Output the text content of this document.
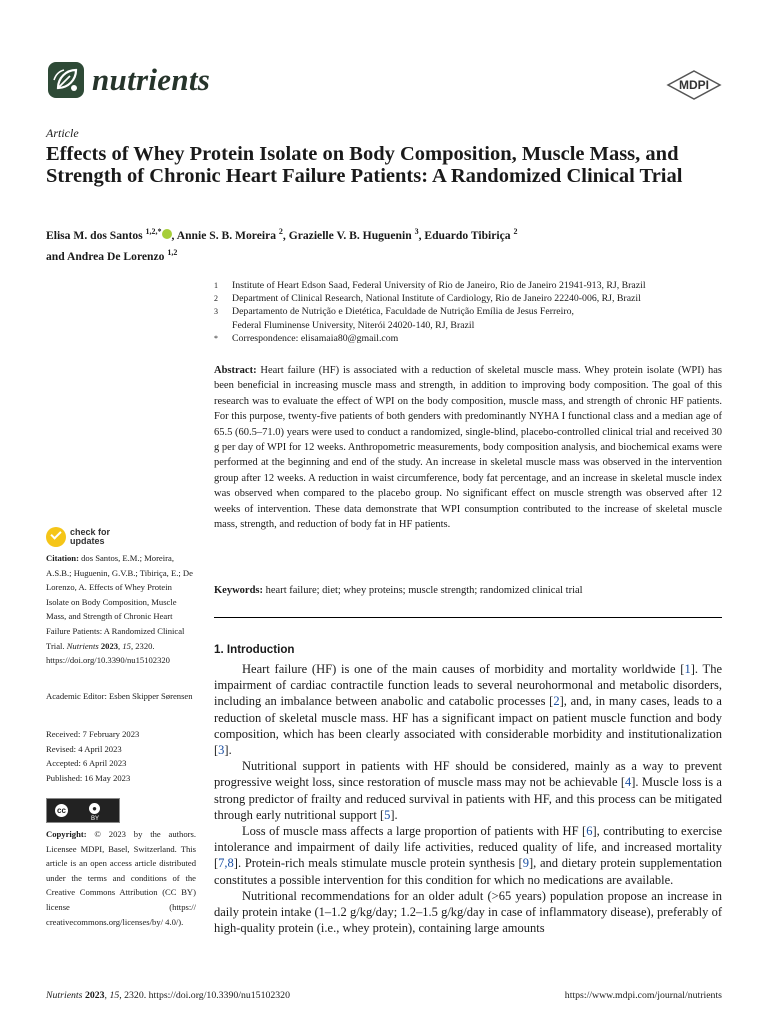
nutrients	MDPI
Article
Effects of Whey Protein Isolate on Body Composition, Muscle Mass, and Strength of Chronic Heart Failure Patients: A Randomized Clinical Trial
Elisa M. dos Santos $^{1,2,*}$ , Annie S. B. Moreira $^2$, Grazielle V. B. Huguenin $^3$, Eduardo Tibiriça $^2$
and Andrea De Lorenzo $^{1,2}$
1	Institute of Heart Edson Saad, Federal University of Rio de Janeiro, Rio de Janeiro 21941-913, RJ, Brazil
2	Department of Clinical Research, National Institute of Cardiology, Rio de Janeiro 22240-006, RJ, Brazil
3	Departamento de Nutrição e Dietética, Faculdade de Nutrição Emília de Jesus Ferreiro,
Federal Fluminense University, Niterói 24020-140, RJ, Brazil
*	Correspondence: elisamaia80@gmail.com
Abstract: Heart failure (HF) is associated with a reduction of skeletal muscle mass. Whey protein isolate (WPI) has been beneficial in increasing muscle mass and strength, in addition to improving body composition. The goal of this research was to evaluate the effect of WPI on the body composition, muscle mass, and strength of chronic HF patients. For this purpose, twenty-five patients of both genders with predominantly NYHA I functional class and a median age of 65.5 (60.5–71.0) years were used to conduct a randomized, single-blind, placebo-controlled clinical trial and received 30 g per day of WPI for 12 weeks. Anthropometric measurements, body composition analysis, and biochemical exams were performed at the beginning and end of the study. An increase in skeletal muscle mass was observed in the intervention group after 12 weeks. A reduction in waist circumference, body fat percentage, and an increase in skeletal muscle index was observed when compared to the placebo group. No significant effect on muscle strength was observed after 12 weeks of intervention. These data demonstrate that WPI consumption contributed to the increase of skeletal muscle mass, strength, and reduction of body fat in HF patients.
Keywords: heart failure; diet; whey proteins; muscle strength; randomized clinical trial
check for
updates
Citation: dos Santos, E.M.; Moreira, A.S.B.; Huguenin, G.V.B.; Tibiriça, E.; De Lorenzo, A. Effects of Whey Protein Isolate on Body Composition, Muscle Mass, and Strength of Chronic Heart Failure Patients: A Randomized Clinical Trial. Nutrients 2023, 15, 2320. https://doi.org/10.3390/nu15102320
Academic Editor: Esben Skipper Sørensen
Received: 7 February 2023
Revised: 4 April 2023
Accepted: 6 April 2023
Published: 16 May 2023
cc	●
BY
Copyright: © 2023 by the authors. Licensee MDPI, Basel, Switzerland. This article is an open access article distributed under the terms and conditions of the Creative Commons Attribution (CC BY) license (https:// creativecommons.org/licenses/by/ 4.0/).
1. Introduction

Heart failure (HF) is one of the main causes of morbidity and mortality worldwide [1]. The impairment of cardiac contractile function leads to several neurohormonal and metabolic disorders, including an imbalance between anabolic and catabolic processes [2], and, in many cases, leads to a reduction of skeletal muscle mass. HF has a significant impact on patient muscle function and body composition, which has been clearly associated with considerable morbidity and institutionalization [3].

Nutritional support in patients with HF should be considered, mainly as a way to prevent progressive weight loss, since restoration of muscle mass may not be achievable [4]. Muscle loss is a strong predictor of frailty and reduced survival in patients with HF, and this process can be mitigated through early nutritional support [5].

Loss of muscle mass affects a large proportion of patients with HF [6], contributing to exercise intolerance and impairment of daily life activities, reduced quality of life, and increased mortality [7,8]. Protein-rich meals stimulate muscle protein synthesis [9], and dietary protein supplementation constitutes a possible intervention for this condition for which no medications are available.

Nutritional recommendations for an older adult (>65 years) population propose an increase in daily protein intake (1–1.2 g/kg/day; 1.2–1.5 g/kg/day in case of inflammatory disease), preferably of high-quality protein (i.e., whey protein), containing large amounts

Nutrients 2023, 15, 2320. https://doi.org/10.3390/nu15102320	https://www.mdpi.com/journal/nutrients
